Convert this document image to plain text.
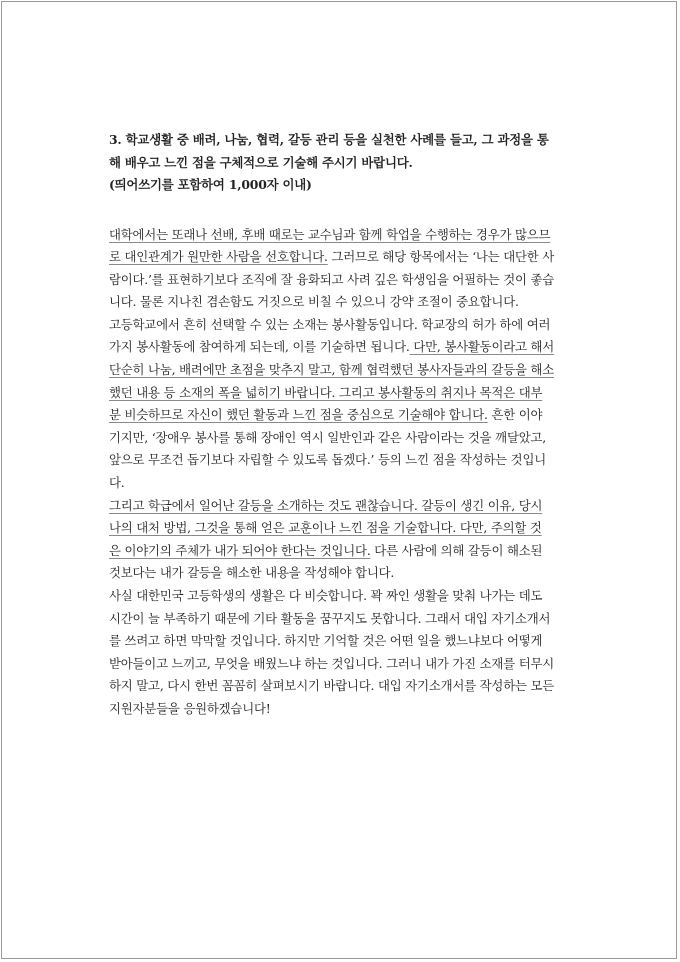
3. 학교생활 중 배려, 나눔, 협력, 갈등 관리 등을 실천한 사례를 들고, 그 과정을 통
해 배우고 느낀 점을 구체적으로 기술해 주시기 바랍니다.
(띄어쓰기를 포함하여 1,000자 이내)
대학에서는 또래나 선배, 후배 때로는 교수님과 함께 학업을 수행하는 경우가 많으므
로 대인관계가 원만한 사람을 선호합니다. 그러므로 해당 항목에서는 ‘나는 대단한 사
람이다.’를 표현하기보다 조직에 잘 융화되고 사려 깊은 학생임을 어필하는 것이 좋습
니다. 물론 지나친 겸손함도 거짓으로 비칠 수 있으니 강약 조절이 중요합니다.
고등학교에서 흔히 선택할 수 있는 소재는 봉사활동입니다. 학교장의 허가 하에 여러
가지 봉사활동에 참여하게 되는데, 이를 기술하면 됩니다. 다만, 봉사활동이라고 해서
단순히 나눔, 배려에만 초점을 맞추지 말고, 함께 협력했던 봉사자들과의 갈등을 해소
했던 내용 등 소재의 폭을 넓히기 바랍니다. 그리고 봉사활동의 취지나 목적은 대부
분 비슷하므로 자신이 했던 활동과 느낀 점을 중심으로 기술해야 합니다. 흔한 이야
기지만, ‘장애우 봉사를 통해 장애인 역시 일반인과 같은 사람이라는 것을 깨달았고,
앞으로 무조건 돕기보다 자립할 수 있도록 돕겠다.’ 등의 느낀 점을 작성하는 것입니
다.
그리고 학급에서 일어난 갈등을 소개하는 것도 괜찮습니다. 갈등이 생긴 이유, 당시
나의 대처 방법, 그것을 통해 얻은 교훈이나 느낀 점을 기술합니다. 다만, 주의할 것
은 이야기의 주체가 내가 되어야 한다는 것입니다. 다른 사람에 의해 갈등이 해소된
것보다는 내가 갈등을 해소한 내용을 작성해야 합니다.
사실 대한민국 고등학생의 생활은 다 비슷합니다. 꽉 짜인 생활을 맞춰 나가는 데도
시간이 늘 부족하기 때문에 기타 활동을 꿈꾸지도 못합니다. 그래서 대입 자기소개서
를 쓰려고 하면 막막할 것입니다. 하지만 기억할 것은 어떤 일을 했느냐보다 어떻게
받아들이고 느끼고, 무엇을 배웠느냐 하는 것입니다. 그러니 내가 가진 소재를 터무시
하지 말고, 다시 한번 꼼꼼히 살펴보시기 바랍니다. 대입 자기소개서를 작성하는 모든
지원자분들을 응원하겠습니다!
